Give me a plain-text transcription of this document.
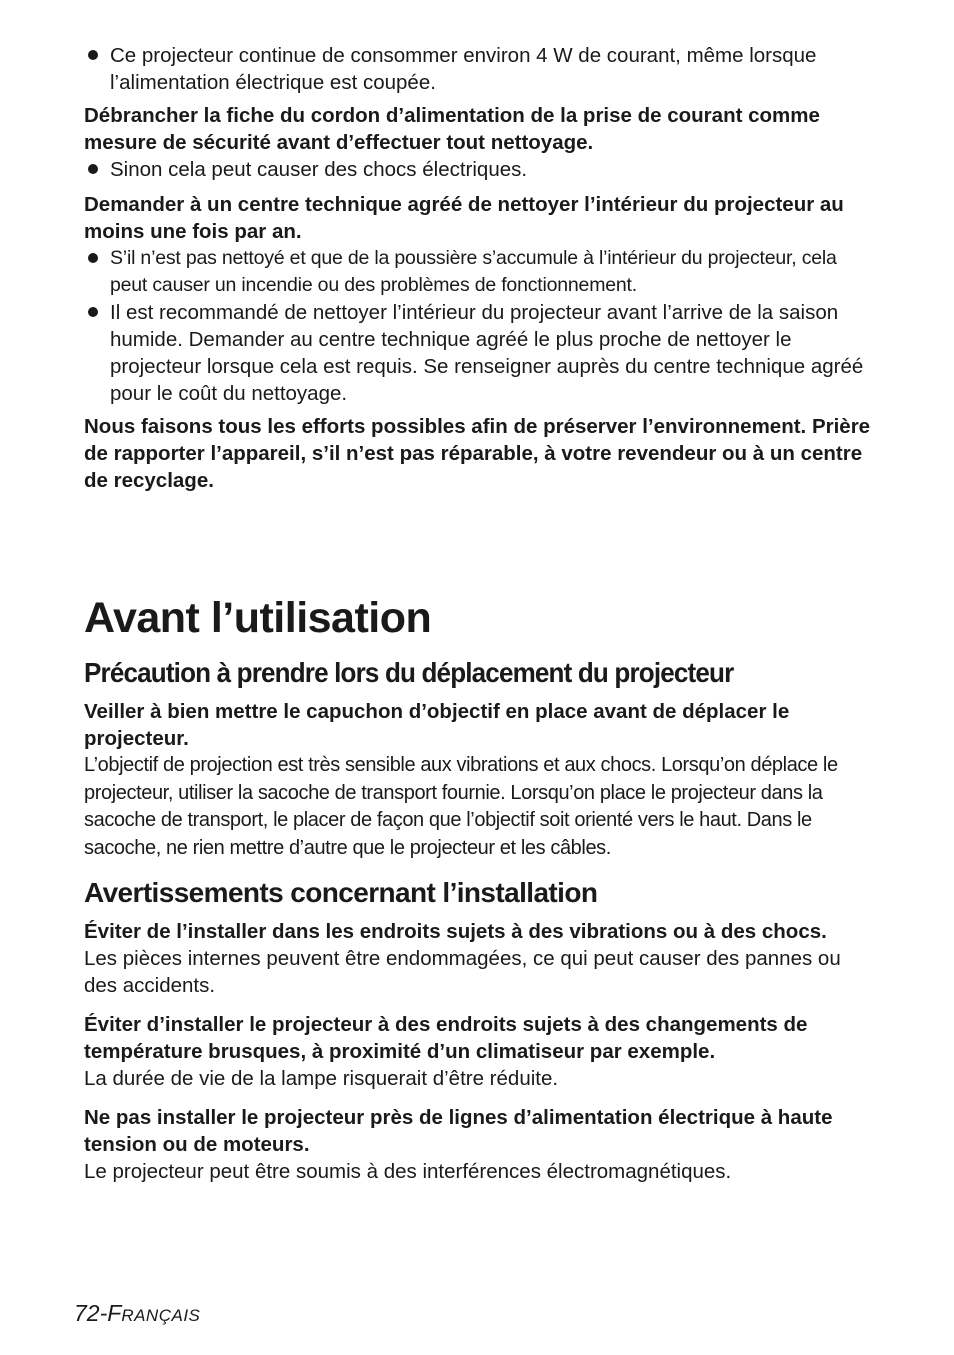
Ce projecteur continue de consommer environ 4 W de courant, même lorsque l’alimentation électrique est coupée.

Débrancher la fiche du cordon d’alimentation de la prise de courant comme mesure de sécurité avant d’effectuer tout nettoyage.

Sinon cela peut causer des chocs électriques.

Demander à un centre technique agréé de nettoyer l’intérieur du projecteur au moins une fois par an.

S’il n’est pas nettoyé et que de la poussière s’accumule à l’intérieur du projecteur, cela peut causer un incendie ou des problèmes de fonctionnement.

Il est recommandé de nettoyer l’intérieur du projecteur avant l’arrive de la saison humide. Demander au centre technique agréé le plus proche de nettoyer le projecteur lorsque cela est requis. Se renseigner auprès du centre technique agréé pour le coût du nettoyage.

Nous faisons tous les efforts possibles afin de préserver l’environnement. Prière de rapporter l’appareil, s’il n’est pas réparable, à votre revendeur ou à un centre de recyclage.

Avant l’utilisation
Précaution à prendre lors du déplacement du projecteur

Veiller à bien mettre le capuchon d’objectif en place avant de déplacer le projecteur.

L’objectif de projection est très sensible aux vibrations et aux chocs. Lorsqu’on déplace le projecteur, utiliser la sacoche de transport fournie. Lorsqu’on place le projecteur dans la sacoche de transport, le placer de façon que l’objectif soit orienté vers le haut. Dans le sacoche, ne rien mettre d’autre que le projecteur et les câbles.

Avertissements concernant l’installation

Éviter de l’installer dans les endroits sujets à des vibrations ou à des chocs.

Les pièces internes peuvent être endommagées, ce qui peut causer des pannes ou des accidents.

Éviter d’installer le projecteur à des endroits sujets à des changements de température brusques, à proximité d’un climatiseur par exemple.

La durée de vie de la lampe risquerait d’être réduite.

Ne pas installer le projecteur près de lignes d’alimentation électrique à haute tension ou de moteurs.

Le projecteur peut être soumis à des interférences électromagnétiques.

72-FRANÇAIS
